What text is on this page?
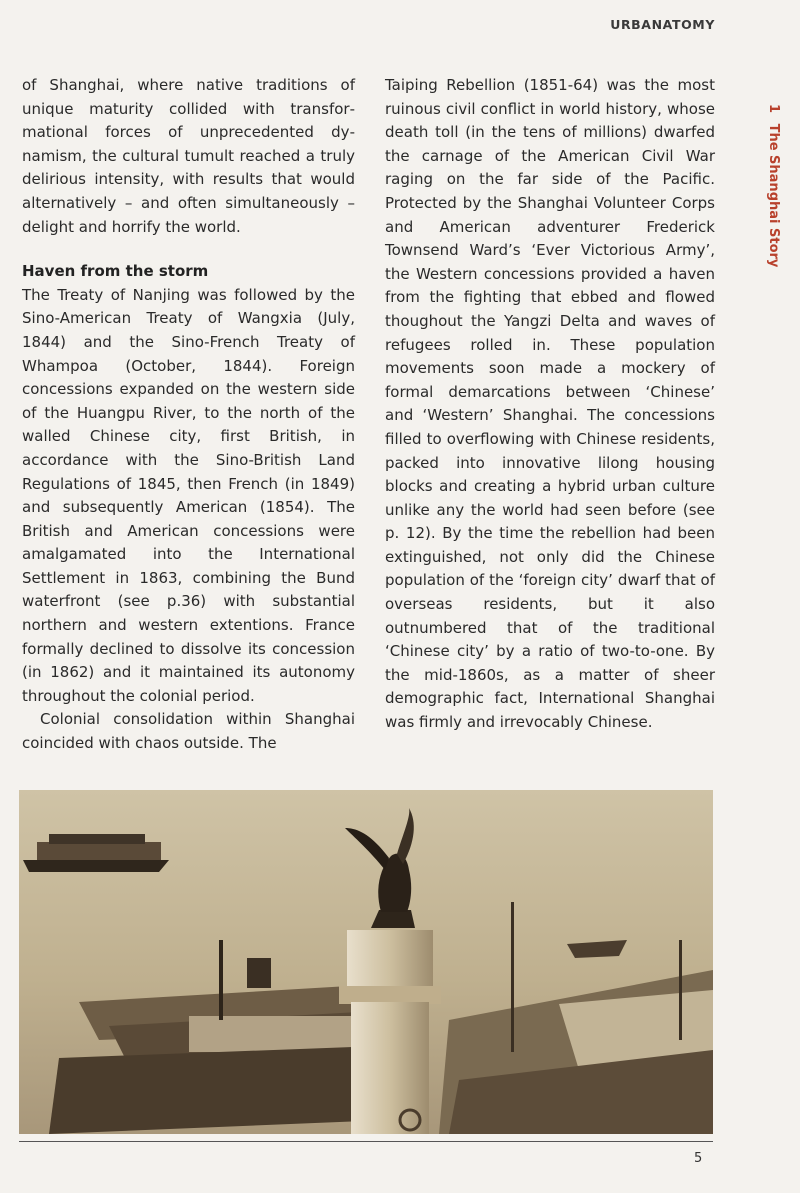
URBANATOMY
1 The Shanghai Story

of Shanghai, where native traditions of unique maturity collided with transformational forces of unprecedented dynamism, the cultural tumult reached a truly delirious intensity, with results that would alternatively – and often simultaneously – delight and horrify the world.

Haven from the storm

The Treaty of Nanjing was followed by the Sino-American Treaty of Wangxia (July, 1844) and the Sino-French Treaty of Whampoa (October, 1844). Foreign concessions expanded on the western side of the Huangpu River, to the north of the walled Chinese city, first British, in accordance with the Sino-British Land Regulations of 1845, then French (in 1849) and subsequently American (1854). The British and American concessions were amalgamated into the International Settlement in 1863, combining the Bund waterfront (see p.36) with substantial northern and western extentions. France formally declined to dissolve its concession (in 1862) and it maintained its autonomy throughout the colonial period.

Colonial consolidation within Shanghai coincided with chaos outside. The

Taiping Rebellion (1851-64) was the most ruinous civil conflict in world history, whose death toll (in the tens of millions) dwarfed the carnage of the American Civil War raging on the far side of the Pacific. Protected by the Shanghai Volunteer Corps and American adventurer Frederick Townsend Ward’s ‘Ever Victorious Army’, the Western concessions provided a haven from the fighting that ebbed and flowed thoughout the Yangzi Delta and waves of refugees rolled in. These population movements soon made a mockery of formal demarcations between ‘Chinese’ and ‘Western’ Shanghai. The concessions filled to overflowing with Chinese residents, packed into innovative lilong housing blocks and creating a hybrid urban culture unlike any the world had seen before (see p. 12). By the time the rebellion had been extinguished, not only did the Chinese population of the ‘foreign city’ dwarf that of overseas residents, but it also outnumbered that of the traditional ‘Chinese city’ by a ratio of two-to-one. By the mid-1860s, as a matter of sheer demographic fact, International Shanghai was firmly and irrevocably Chinese.

5
